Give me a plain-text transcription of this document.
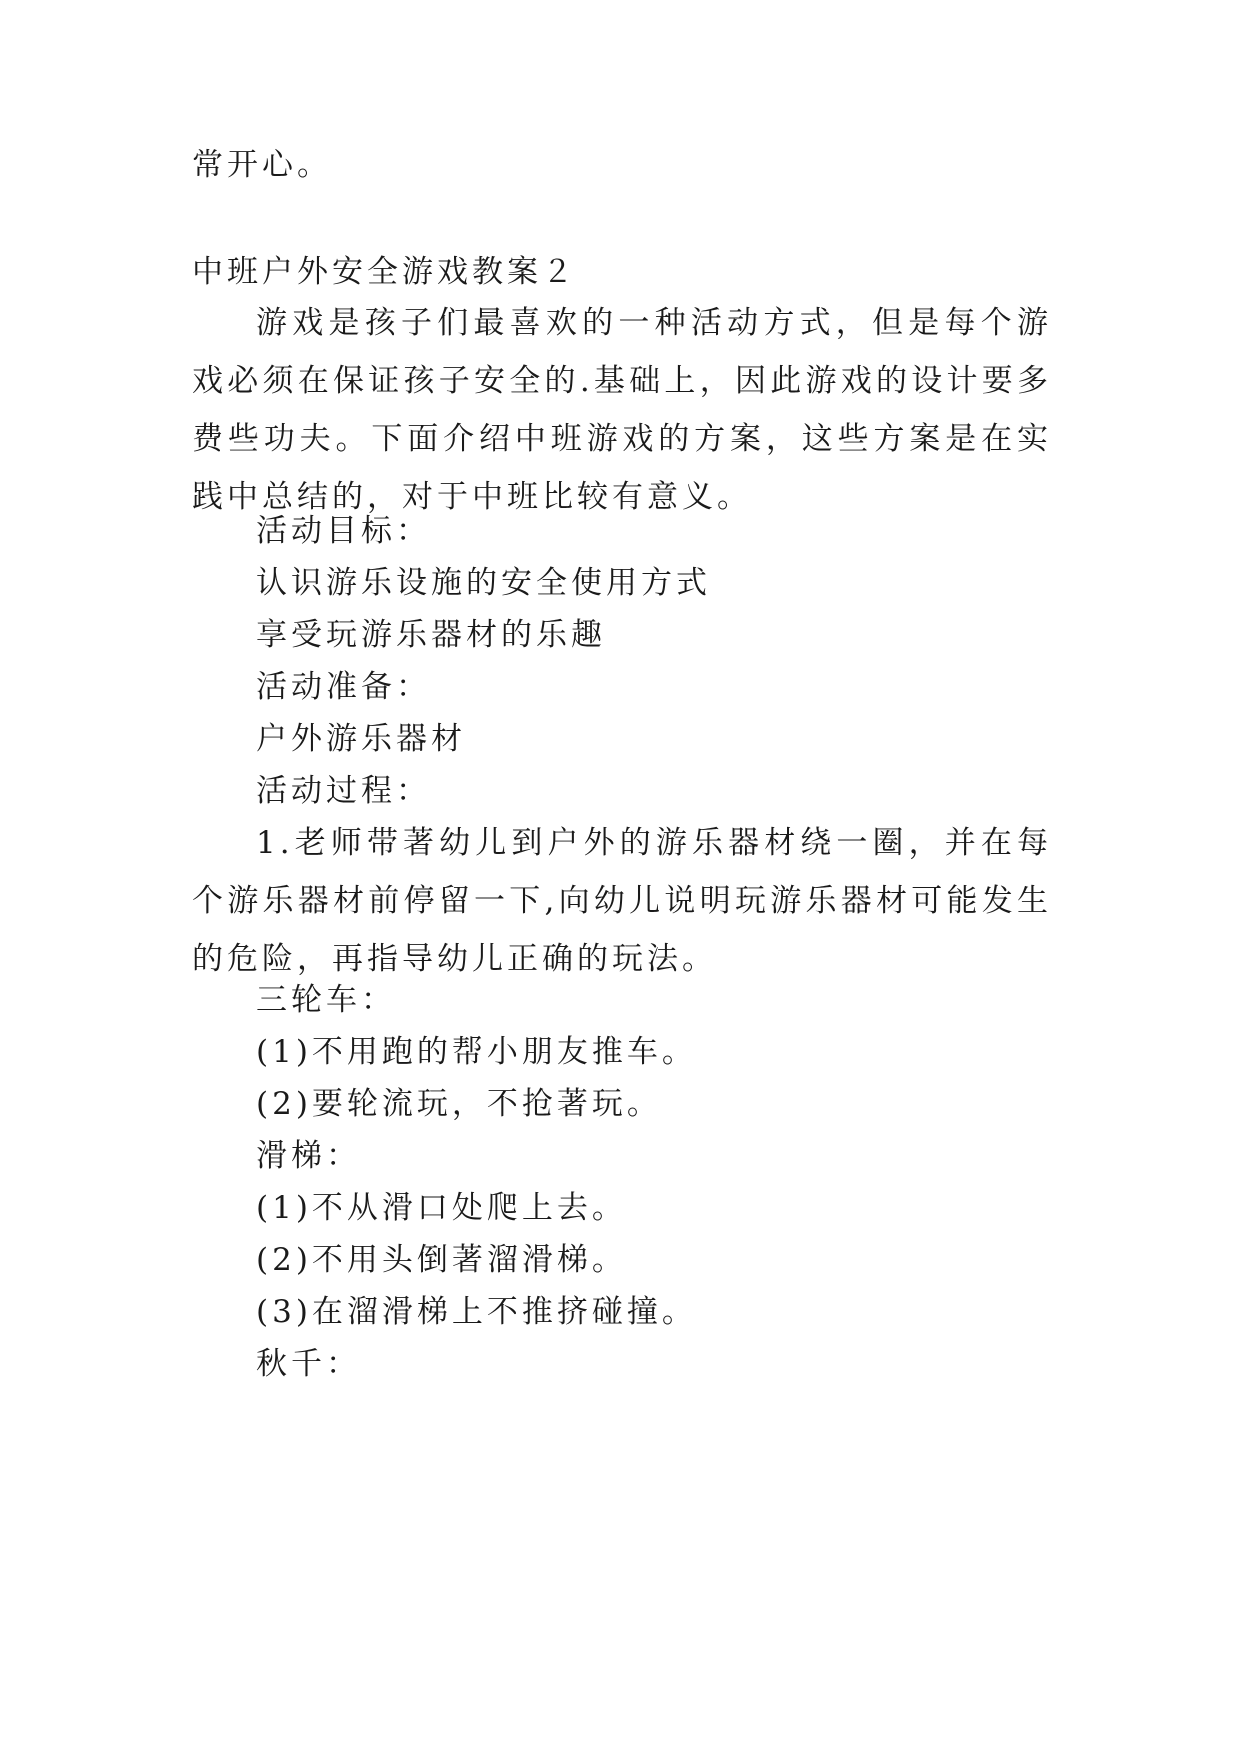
常开心。

中班户外安全游戏教案２

游戏是孩子们最喜欢的一种活动方式，但是每个游戏必须在保证孩子安全的.基础上，因此游戏的设计要多费些功夫。下面介绍中班游戏的方案，这些方案是在实践中总结的，对于中班比较有意义。

活动目标：

认识游乐设施的安全使用方式

享受玩游乐器材的乐趣

活动准备：

户外游乐器材

活动过程：

1.老师带著幼儿到户外的游乐器材绕一圈，并在每个游乐器材前停留一下,向幼儿说明玩游乐器材可能发生的危险，再指导幼儿正确的玩法。

三轮车：

(1)不用跑的帮小朋友推车。

(2)要轮流玩，不抢著玩。

滑梯：

(1)不从滑口处爬上去。

(2)不用头倒著溜滑梯。

(3)在溜滑梯上不推挤碰撞。

秋千：
